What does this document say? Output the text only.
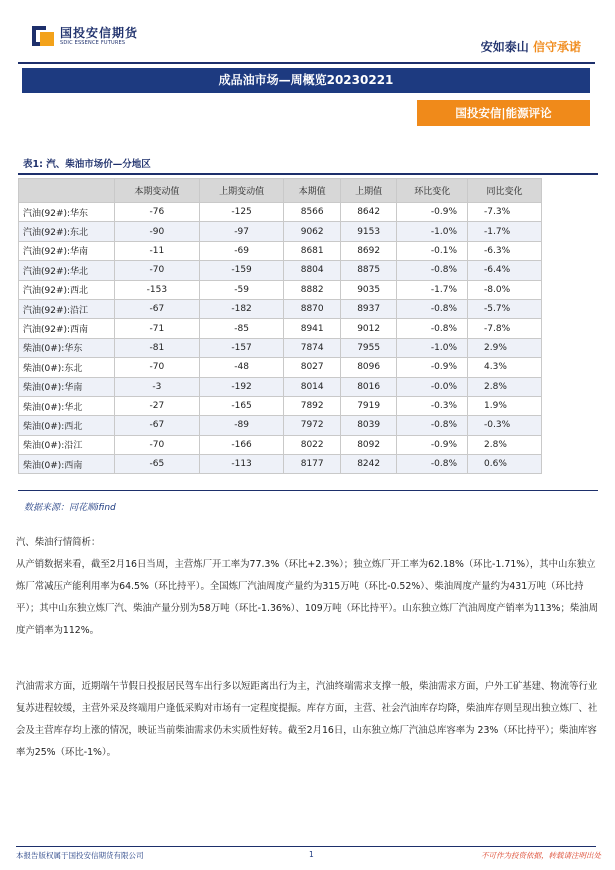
国投安信期货
SDIC ESSENCE FUTURES	安如泰山 信守承诺
成品油市场—周概览20230221
国投安信|能源评论
表1: 汽、柴油市场价—分地区
	本期变动值	上期变动值	本期值	上期值	环比变化	同比变化
汽油(92#):华东	-76	-125	8566	8642	-0.9%	-7.3%
汽油(92#):东北	-90	-97	9062	9153	-1.0%	-1.7%
汽油(92#):华南	-11	-69	8681	8692	-0.1%	-6.3%
汽油(92#):华北	-70	-159	8804	8875	-0.8%	-6.4%
汽油(92#):西北	-153	-59	8882	9035	-1.7%	-8.0%
汽油(92#):沿江	-67	-182	8870	8937	-0.8%	-5.7%
汽油(92#):西南	-71	-85	8941	9012	-0.8%	-7.8%
柴油(0#):华东	-81	-157	7874	7955	-1.0%	2.9%
柴油(0#):东北	-70	-48	8027	8096	-0.9%	4.3%
柴油(0#):华南	-3	-192	8014	8016	-0.0%	2.8%
柴油(0#):华北	-27	-165	7892	7919	-0.3%	1.9%
柴油(0#):西北	-67	-89	7972	8039	-0.8%	-0.3%
柴油(0#):沿江	-70	-166	8022	8092	-0.9%	2.8%
柴油(0#):西南	-65	-113	8177	8242	-0.8%	0.6%
数据来源：同花顺ifind
汽、柴油行情简析：
从产销数据来看，截至2月16日当周，主营炼厂开工率为77.3%（环比+2.3%）；独立炼厂开工率为62.18%（环比-1.71%），其中山东独立炼厂常减压产能利用率为64.5%（环比持平）。全国炼厂汽油周度产量约为315万吨（环比-0.52%）、柴油周度产量约为431万吨（环比持平）；其中山东独立炼厂汽、柴油产量分别为58万吨（环比-1.36%）、109万吨（环比持平）。山东独立炼厂汽油周度产销率为113%；柴油周度产销率为112%。
汽油需求方面，近期端午节假日投报居民驾车出行多以短距离出行为主，汽油终端需求支撑一般，柴油需求方面，户外工矿基建、物流等行业复苏进程较缓，主营外采及终端用户逢低采购对市场有一定程度提振。库存方面，主营、社会汽油库存均降，柴油库存则呈现出独立炼厂、社会及主营库存均上涨的情况，映证当前柴油需求仍未实质性好转。截至2月16日，山东独立炼厂汽油总库容率为 23%（环比持平）；柴油库容率为25%（环比-1%）。
本报告版权属于国投安信期货有限公司	1	不可作为投资依据，转载请注明出处
